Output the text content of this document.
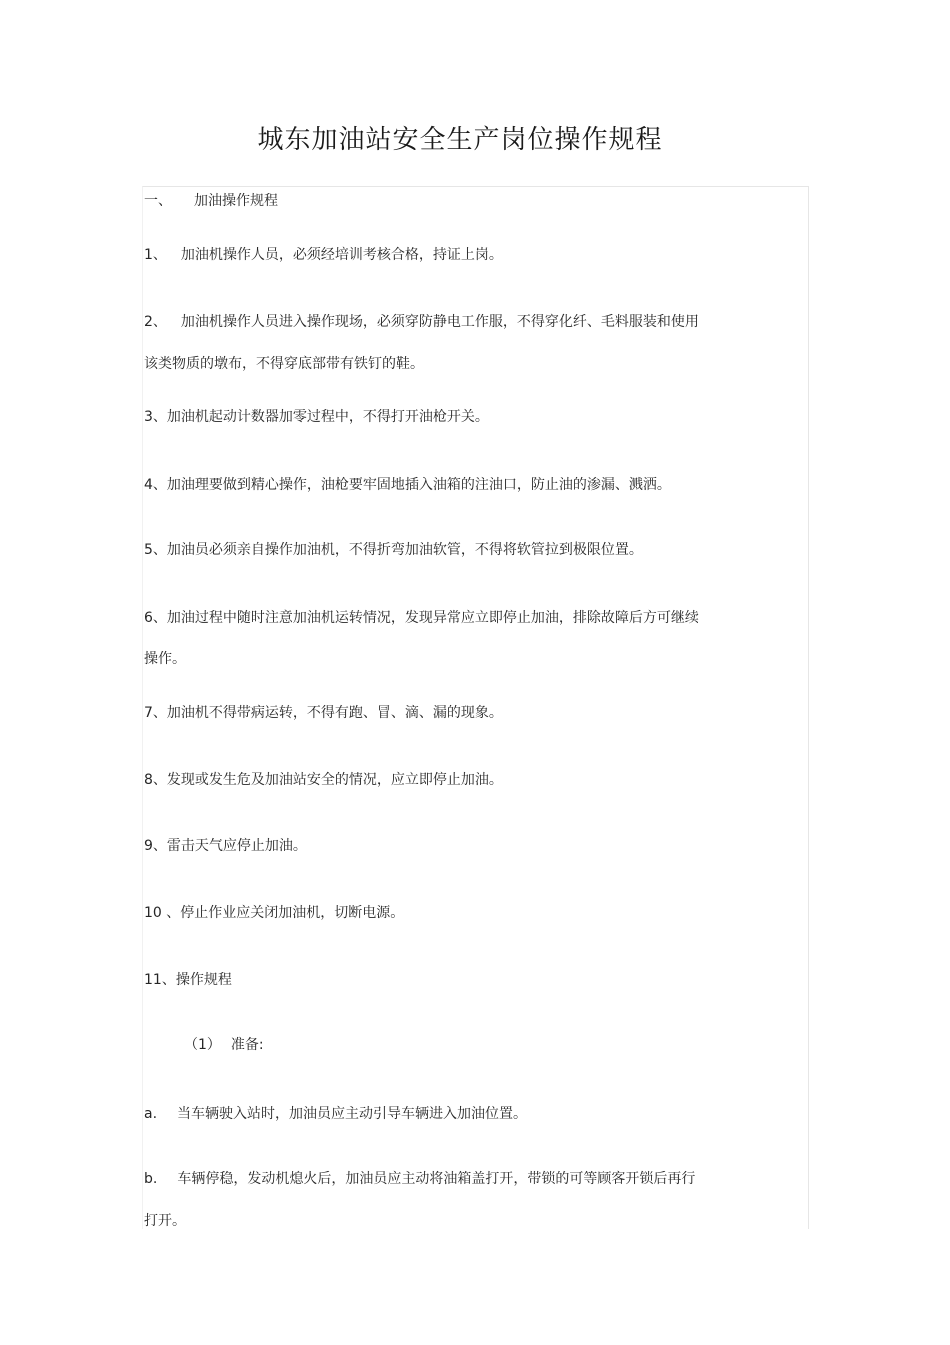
城东加油站安全生产岗位操作规程
一、 加油操作规程
1、 加油机操作人员，必须经培训考核合格，持证上岗。
2、 加油机操作人员进入操作现场，必须穿防静电工作服，不得穿化纤、毛料服装和使用
该类物质的墩布，不得穿底部带有铁钉的鞋。
3、加油机起动计数器加零过程中，不得打开油枪开关。
4、加油理要做到精心操作，油枪要牢固地插入油箱的注油口，防止油的渗漏、溅洒。
5、加油员必须亲自操作加油机，不得折弯加油软管，不得将软管拉到极限位置。
6、加油过程中随时注意加油机运转情况，发现异常应立即停止加油，排除故障后方可继续
操作。
7、加油机不得带病运转，不得有跑、冒、滴、漏的现象。
8、发现或发生危及加油站安全的情况，应立即停止加油。
9、雷击天气应停止加油。
10 、停止作业应关闭加油机，切断电源。
11、操作规程
（1） 准备:
a. 当车辆驶入站时，加油员应主动引导车辆进入加油位置。
b. 车辆停稳，发动机熄火后，加油员应主动将油箱盖打开，带锁的可等顾客开锁后再行
打开。
